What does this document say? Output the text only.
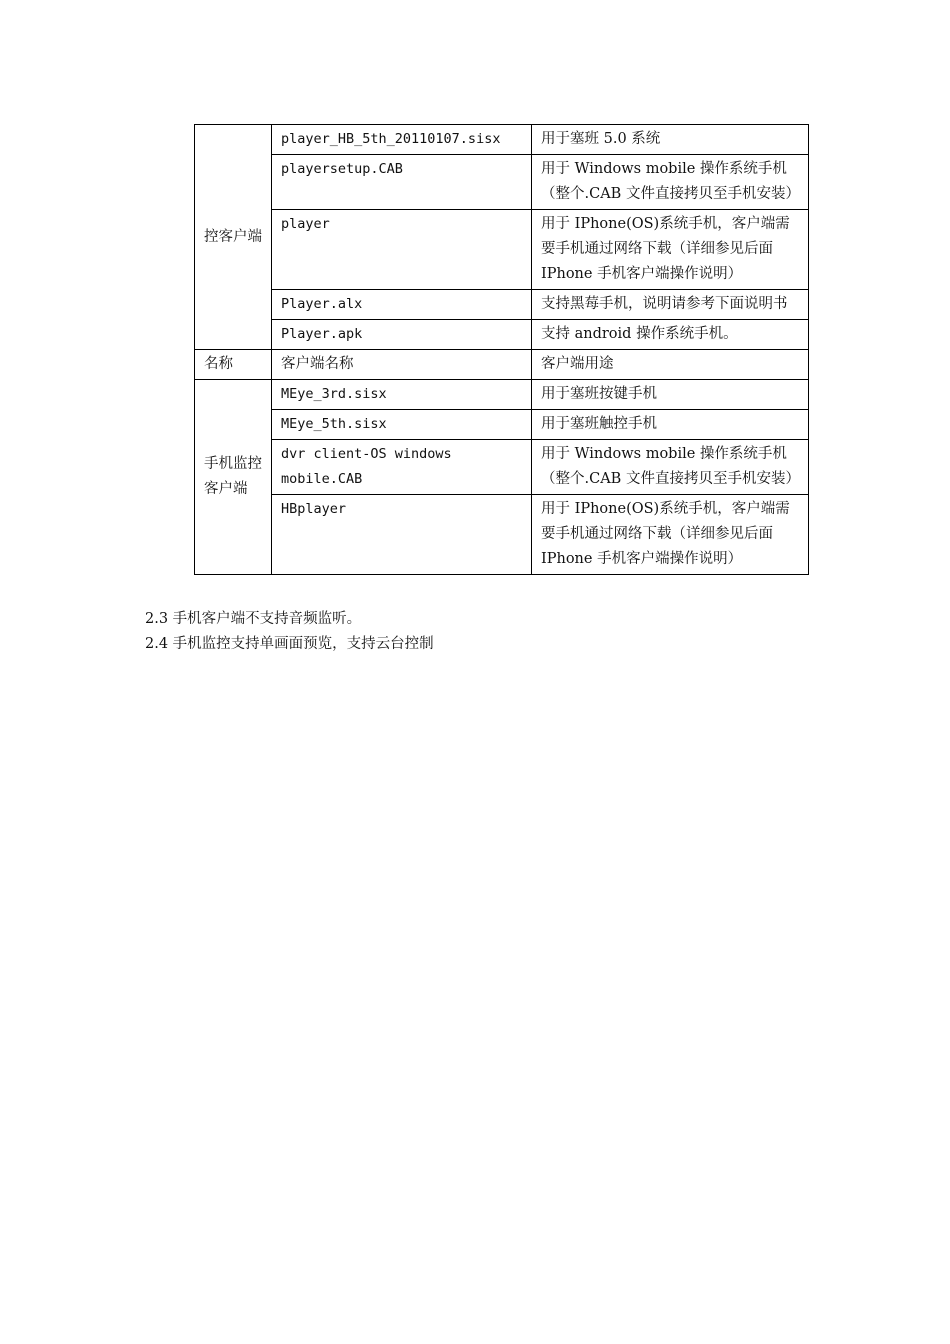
控客户端	player_HB_5th_20110107.sisx	用于塞班 5.0 系统
	playersetup.CAB	用于 Windows mobile 操作系统手机（整个.CAB 文件直接拷贝至手机安装）
	player	用于 IPhone(OS)系统手机，客户端需要手机通过网络下载（详细参见后面 IPhone 手机客户端操作说明）
	Player.alx	支持黑莓手机，说明请参考下面说明书
	Player.apk	支持 android 操作系统手机。
名称	客户端名称	客户端用途
手机监控客户端	MEye_3rd.sisx	用于塞班按键手机
	MEye_5th.sisx	用于塞班触控手机
	dvr client-OS windows mobile.CAB	用于 Windows mobile 操作系统手机（整个.CAB 文件直接拷贝至手机安装）
	HBplayer	用于 IPhone(OS)系统手机，客户端需要手机通过网络下载（详细参见后面 IPhone 手机客户端操作说明）
2.3 手机客户端不支持音频监听。
2.4 手机监控支持单画面预览，支持云台控制
